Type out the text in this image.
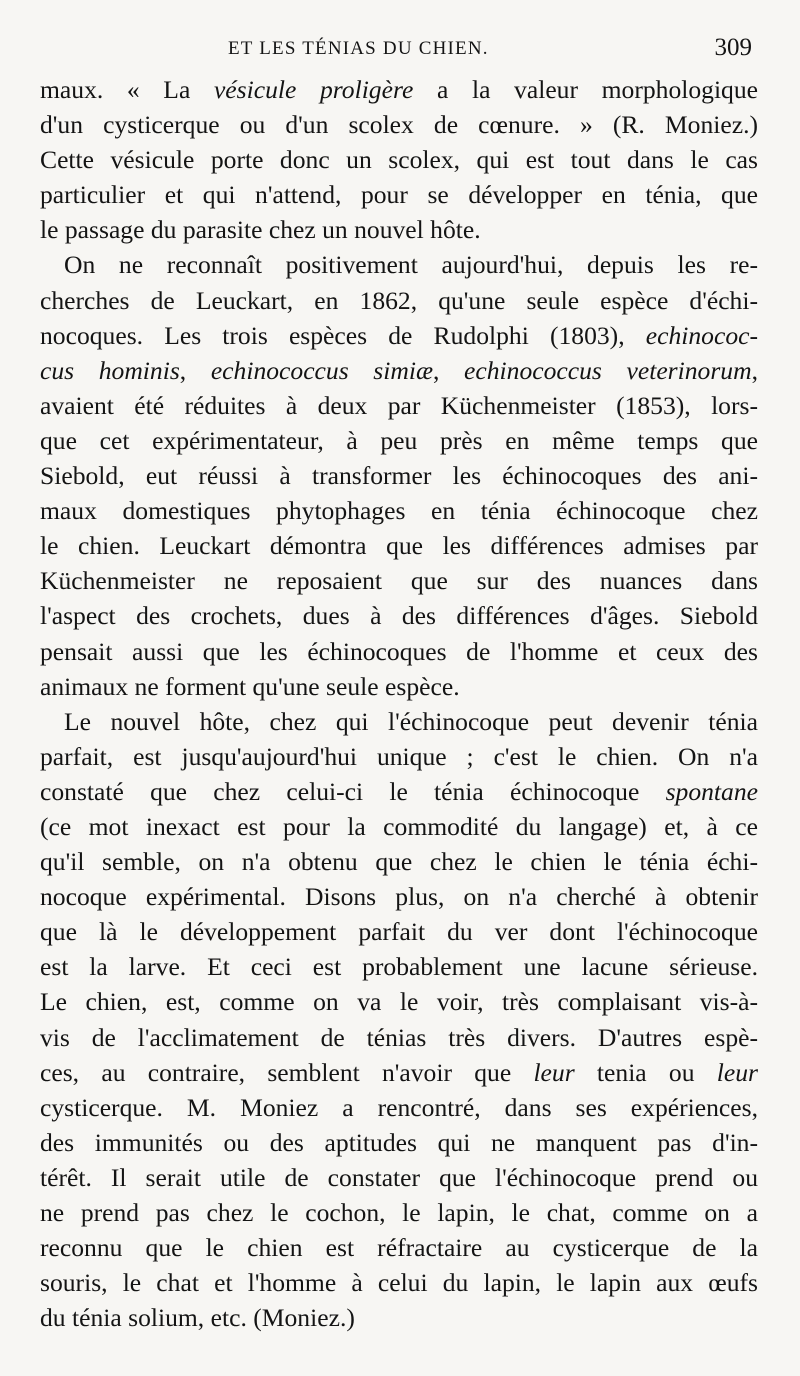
ET LES TÉNIAS DU CHIEN.	309
maux. « La vésicule proligère a la valeur morphologique
d'un cysticerque ou d'un scolex de cœnure. » (R. Moniez.)
Cette vésicule porte donc un scolex, qui est tout dans le cas
particulier et qui n'attend, pour se développer en ténia, que
le passage du parasite chez un nouvel hôte.
On ne reconnaît positivement aujourd'hui, depuis les re-
cherches de Leuckart, en 1862, qu'une seule espèce d'échi-
nocoques. Les trois espèces de Rudolphi (1803), echinococ-
cus hominis, echinococcus simiæ, echinococcus veterinorum,
avaient été réduites à deux par Küchenmeister (1853), lors-
que cet expérimentateur, à peu près en même temps que
Siebold, eut réussi à transformer les échinocoques des ani-
maux domestiques phytophages en ténia échinocoque chez
le chien. Leuckart démontra que les différences admises par
Küchenmeister ne reposaient que sur des nuances dans
l'aspect des crochets, dues à des différences d'âges. Siebold
pensait aussi que les échinocoques de l'homme et ceux des
animaux ne forment qu'une seule espèce.
Le nouvel hôte, chez qui l'échinocoque peut devenir ténia
parfait, est jusqu'aujourd'hui unique ; c'est le chien. On n'a
constaté que chez celui-ci le ténia échinocoque spontane
(ce mot inexact est pour la commodité du langage) et, à ce
qu'il semble, on n'a obtenu que chez le chien le ténia échi-
nocoque expérimental. Disons plus, on n'a cherché à obtenir
que là le développement parfait du ver dont l'échinocoque
est la larve. Et ceci est probablement une lacune sérieuse.
Le chien, est, comme on va le voir, très complaisant vis-à-
vis de l'acclimatement de ténias très divers. D'autres espè-
ces, au contraire, semblent n'avoir que leur tenia ou leur
cysticerque. M. Moniez a rencontré, dans ses expériences,
des immunités ou des aptitudes qui ne manquent pas d'in-
térêt. Il serait utile de constater que l'échinocoque prend ou
ne prend pas chez le cochon, le lapin, le chat, comme on a
reconnu que le chien est réfractaire au cysticerque de la
souris, le chat et l'homme à celui du lapin, le lapin aux œufs
du ténia solium, etc. (Moniez.)
